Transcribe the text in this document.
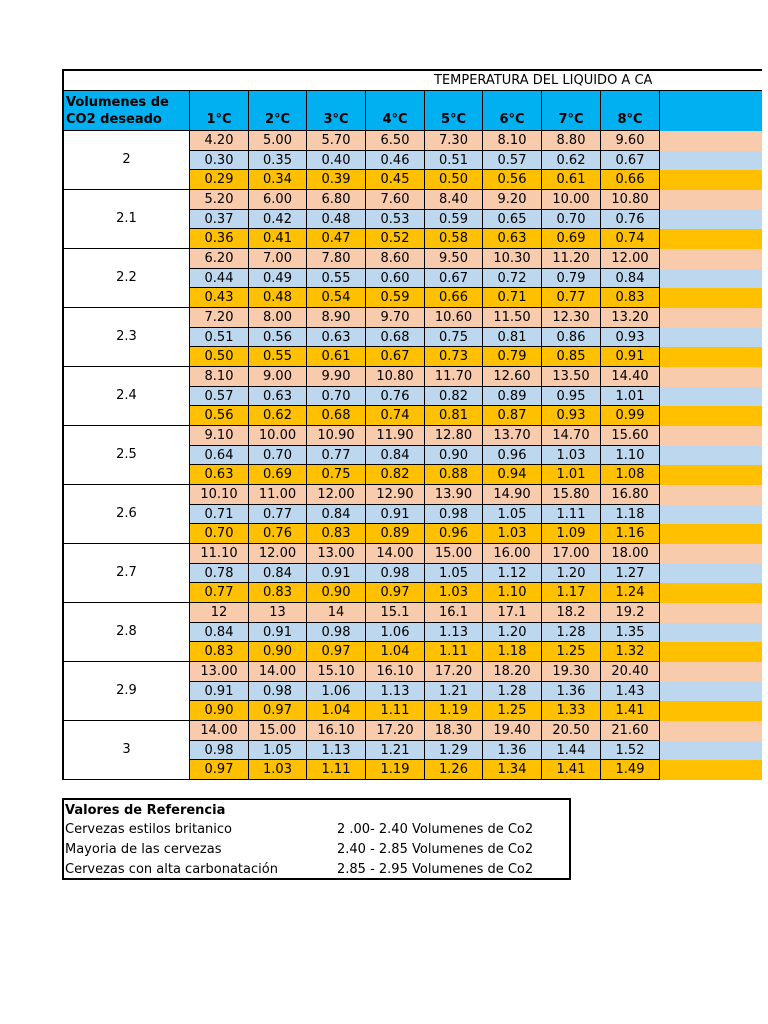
TEMPERATURA DEL LIQUIDO A CA
Volumenes de CO2 deseado	1°C	2°C	3°C	4°C	5°C	6°C	7°C	8°C
2
4.20	5.00	5.70	6.50	7.30	8.10	8.80	9.60
0.30	0.35	0.40	0.46	0.51	0.57	0.62	0.67
0.29	0.34	0.39	0.45	0.50	0.56	0.61	0.66
2.1
5.20	6.00	6.80	7.60	8.40	9.20	10.00	10.80
0.37	0.42	0.48	0.53	0.59	0.65	0.70	0.76
0.36	0.41	0.47	0.52	0.58	0.63	0.69	0.74
2.2
6.20	7.00	7.80	8.60	9.50	10.30	11.20	12.00
0.44	0.49	0.55	0.60	0.67	0.72	0.79	0.84
0.43	0.48	0.54	0.59	0.66	0.71	0.77	0.83
2.3
7.20	8.00	8.90	9.70	10.60	11.50	12.30	13.20
0.51	0.56	0.63	0.68	0.75	0.81	0.86	0.93
0.50	0.55	0.61	0.67	0.73	0.79	0.85	0.91
2.4
8.10	9.00	9.90	10.80	11.70	12.60	13.50	14.40
0.57	0.63	0.70	0.76	0.82	0.89	0.95	1.01
0.56	0.62	0.68	0.74	0.81	0.87	0.93	0.99
2.5
9.10	10.00	10.90	11.90	12.80	13.70	14.70	15.60
0.64	0.70	0.77	0.84	0.90	0.96	1.03	1.10
0.63	0.69	0.75	0.82	0.88	0.94	1.01	1.08
2.6
10.10	11.00	12.00	12.90	13.90	14.90	15.80	16.80
0.71	0.77	0.84	0.91	0.98	1.05	1.11	1.18
0.70	0.76	0.83	0.89	0.96	1.03	1.09	1.16
2.7
11.10	12.00	13.00	14.00	15.00	16.00	17.00	18.00
0.78	0.84	0.91	0.98	1.05	1.12	1.20	1.27
0.77	0.83	0.90	0.97	1.03	1.10	1.17	1.24
2.8
12	13	14	15.1	16.1	17.1	18.2	19.2
0.84	0.91	0.98	1.06	1.13	1.20	1.28	1.35
0.83	0.90	0.97	1.04	1.11	1.18	1.25	1.32
2.9
13.00	14.00	15.10	16.10	17.20	18.20	19.30	20.40
0.91	0.98	1.06	1.13	1.21	1.28	1.36	1.43
0.90	0.97	1.04	1.11	1.19	1.25	1.33	1.41
3
14.00	15.00	16.10	17.20	18.30	19.40	20.50	21.60
0.98	1.05	1.13	1.21	1.29	1.36	1.44	1.52
0.97	1.03	1.11	1.19	1.26	1.34	1.41	1.49
Valores de Referencia
Cervezas estilos britanico	2 .00- 2.40 Volumenes de Co2
Mayoria de las cervezas	2.40 - 2.85 Volumenes de Co2
Cervezas con alta carbonatación	2.85 - 2.95 Volumenes de Co2
